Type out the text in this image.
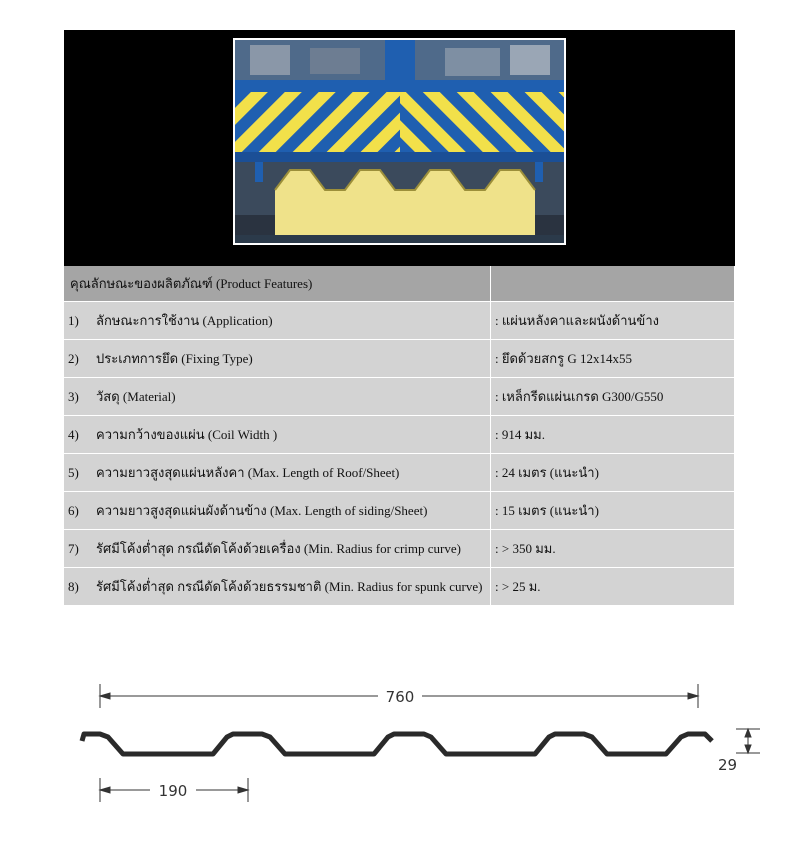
คุณลักษณะของผลิตภัณฑ์ (Product Features)	
1) ลักษณะการใช้งาน (Application)	: แผ่นหลังคาและผนังด้านข้าง
2) ประเภทการยึด (Fixing Type)	: ยึดด้วยสกรู G 12x14x55
3) วัสดุ (Material)	: เหล็กรีดแผ่นเกรด G300/G550
4) ความกว้างของแผ่น (Coil Width )	: 914 มม.
5) ความยาวสูงสุดแผ่นหลังคา (Max. Length of Roof/Sheet)	: 24 เมตร (แนะนำ)
6) ความยาวสูงสุดแผ่นผังด้านข้าง (Max. Length of siding/Sheet)	: 15 เมตร (แนะนำ)
7) รัศมีโค้งต่ำสุด กรณีดัดโค้งด้วยเครื่อง (Min. Radius for crimp curve)	: > 350 มม.
8) รัศมีโค้งต่ำสุด กรณีดัดโค้งด้วยธรรมชาติ (Min. Radius for spunk curve)	: > 25 ม.
760
29
190
